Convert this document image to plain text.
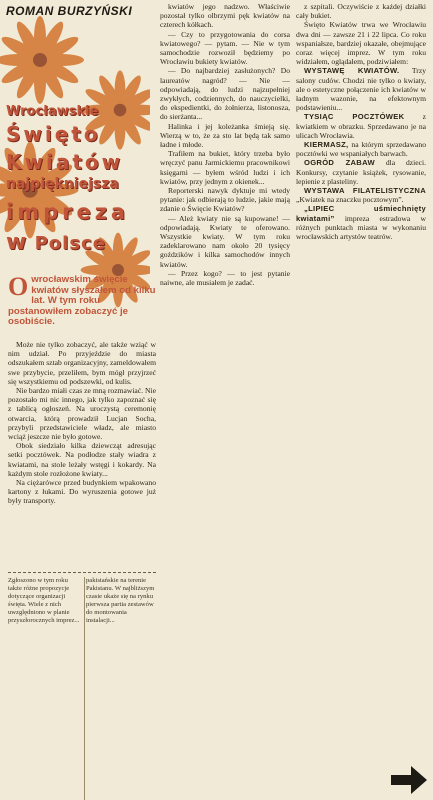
ROMAN BURZYŃSKI
Wrocławskie
Święto
Kwiatów
najpiękniejsza
impreza
w Polsce
O wrocławskim święcie kwiatów słyszałem od kilku lat. W tym roku postanowiłem zobaczyć je osobiście.

Może nie tylko zobaczyć, ale także wziąć w nim udział. Po przyjeździe do miasta odszukałem sztab organizacyjny, zameldowałem swe przybycie, przeliłem, bym mógł przyjrzeć się wszystkiemu od podszewki, od kulis.

Nie bardzo miałi czas ze mną rozmawiać. Nie pozostało mi nic innego, jak tylko zapoznać się z tablicą ogłoszeń. Na uroczystą ceremonię otwarcia, którą prowadził Lucjan Socha, przybyli przedstawiciele władz, ale miasto wciąż jeszcze nie było gotowe.

Obok siedziało kilka dziewcząt adresując setki pocztówek. Na podłodze stały wiadra z kwiatami, na stole leżały wstęgi i kokardy. Na każdym stole rozłożone kwiaty...

Na ciężarówce przed budynkiem wpakowano kartony z łukami. Do wyruszenia gotowe już były transporty.

Zgłoszono w tym roku także różne propozycje dotyczące organizacji święta. Wiele z nich uwzględniono w planie przyszłorocznych imprez...
pakistańskie na terenie Pakistanu. W najbliższym czasie ukaże się na rynku pierwsza partia zestawów do montowania instalacji...

kwiatów jego nadzwo. Właściwie pozostał tylko olbrzymi pęk kwiatów na czterech kółkach.

— Czy to przygotowania do corsa kwiatowego? — pytam. — Nie w tym samochodzie rozwoził będziemy po Wrocławiu bukiety kwiatów.

— Do najbardziej zasłużonych? Do laureatów nagród? — Nie — odpowiadają, do ludzi najzupełniej zwykłych, codziennych, do nauczycielki, do ekspedientki, do żołnierza, listonosza, do sierżanta...

Halinka i jej koleżanka śmieją się. Wierzą w to, że za sto lat będą tak samo ładne i młode.

Trafiłem na bukiet, który trzeba było wręczyć panu Jarmickiemu pracownikowi księgarni — byłem wśród ludzi i ich kwiatów, przy jednym z okienek...

Reporterski nawyk dyktuje mi wtedy pytanie: jak odbierają to ludzie, jakie mają zdanie o Święcie Kwiatów?

— Ależ kwiaty nie są kupowane! — odpowiadają. Kwiaty te oferowano. Wszystkie kwiaty. W tym roku zadeklarowano nam około 20 tysięcy goździków i kilka samochodów innych kwiatów.

— Przez kogo? — to jest pytanie naiwne, ale musiałem je zadać.

z szpitali. Oczywiście z każdej działki cały bukiet.

Święto Kwiatów trwa we Wrocławiu dwa dni — zawsze 21 i 22 lipca. Co roku wspaniałsze, bardziej okazałe, obejmujące coraz więcej imprez. W tym roku widziałem, oglądałem, podziwiałem:

WYSTAWĘ KWIATÓW. Trzy salony cudów. Chodzi nie tylko o kwiaty, ale o estetyczne połączenie ich kwiatów w ładnym wazonie, na efektownym podstawieniu...

TYSIĄC POCZTÓWEK z kwiatkiem w obrazku. Sprzedawano je na ulicach Wrocławia.

KIERMASZ, na którym sprzedawano pocztówki we wspaniałych barwach.

OGRÓD ZABAW dla dzieci. Konkursy, czytanie książek, rysowanie, lepienie z plasteliny.

WYSTAWA FILATELISTYCZNA „Kwiatek na znaczku pocztowym”.

„LIPIEC uśmiechnięty kwiatami” impreza estradowa w różnych punktach miasta w wykonaniu wrocławskich artystów teatrów.
